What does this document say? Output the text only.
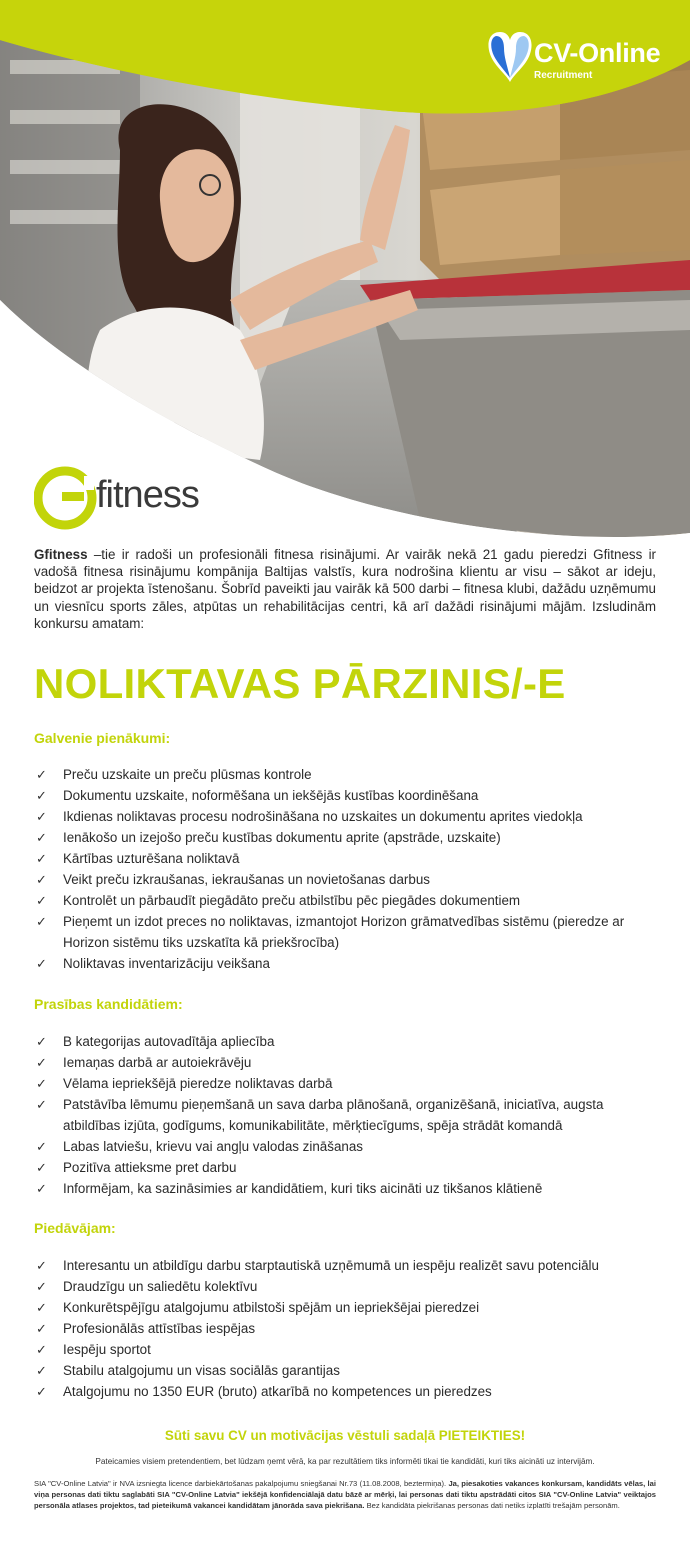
CV-Online
Recruitment
fitness

Gfitness –tie ir radoši un profesionāli fitnesa risinājumi. Ar vairāk nekā 21 gadu pieredzi Gfitness ir vadošā fitnesa risinājumu kompānija Baltijas valstīs, kura nodrošina klientu ar visu – sākot ar ideju, beidzot ar projekta īstenošanu. Šobrīd paveikti jau vairāk kā 500 darbi – fitnesa klubi, dažādu uzņēmumu un viesnīcu sports zāles, atpūtas un rehabilitācijas centri, kā arī dažādi risinājumi mājām. Izsludinām konkursu amatam:

NOLIKTAVAS PĀRZINIS/-E
Galvenie pienākumi:
✓ Preču uzskaite un preču plūsmas kontrole
✓ Dokumentu uzskaite, noformēšana un iekšējās kustības koordinēšana
✓ Ikdienas noliktavas procesu nodrošināšana no uzskaites un dokumentu aprites viedokļa
✓ Ienākošo un izejošo preču kustības dokumentu aprite (apstrāde, uzskaite)
✓ Kārtības uzturēšana noliktavā
✓ Veikt preču izkraušanas, iekraušanas un novietošanas darbus
✓ Kontrolēt un pārbaudīt piegādāto preču atbilstību pēc piegādes dokumentiem
✓ Pieņemt un izdot preces no noliktavas, izmantojot Horizon grāmatvedības sistēmu (pieredze ar Horizon sistēmu tiks uzskatīta kā priekšrocība)
✓ Noliktavas inventarizāciju veikšana
Prasības kandidātiem:
✓ B kategorijas autovadītāja apliecība
✓ Iemaņas darbā ar autoiekrāvēju
✓ Vēlama iepriekšējā pieredze noliktavas darbā
✓ Patstāvība lēmumu pieņemšanā un sava darba plānošanā, organizēšanā, iniciatīva, augsta atbildības izjūta, godīgums, komunikabilitāte, mērķtiecīgums, spēja strādāt komandā
✓ Labas latviešu, krievu vai angļu valodas zināšanas
✓ Pozitīva attieksme pret darbu
✓ Informējam, ka sazināsimies ar kandidātiem, kuri tiks aicināti uz tikšanos klātienē
Piedāvājam:
✓ Interesantu un atbildīgu darbu starptautiskā uzņēmumā un iespēju realizēt savu potenciālu
✓ Draudzīgu un saliedētu kolektīvu
✓ Konkurētspējīgu atalgojumu atbilstoši spējām un iepriekšējai pieredzei
✓ Profesionālās attīstības iespējas
✓ Iespēju sportot
✓ Stabilu atalgojumu un visas sociālās garantijas
✓ Atalgojumu no 1350 EUR (bruto) atkarībā no kompetences un pieredzes
Sūti savu CV un motivācijas vēstuli sadaļā PIETEIKTIES!
Pateicamies visiem pretendentiem, bet lūdzam ņemt vērā, ka par rezultātiem tiks informēti tikai tie kandidāti, kuri tiks aicināti uz intervijām.

SIA "CV-Online Latvia" ir NVA izsniegta licence darbiekārtošanas pakalpojumu sniegšanai Nr.73 (11.08.2008, beztermiņa). Ja, piesakoties vakances konkursam, kandidāts vēlas, lai viņa personas dati tiktu saglabāti SIA "CV-Online Latvia" iekšējā konfidenciālajā datu bāzē ar mērķi, lai personas dati tiktu apstrādāti citos SIA "CV-Online Latvia" veiktajos personāla atlases projektos, tad pieteikumā vakancei kandidātam jānorāda sava piekrišana. Bez kandidāta piekrišanas personas dati netiks izplatīti trešajām personām.
